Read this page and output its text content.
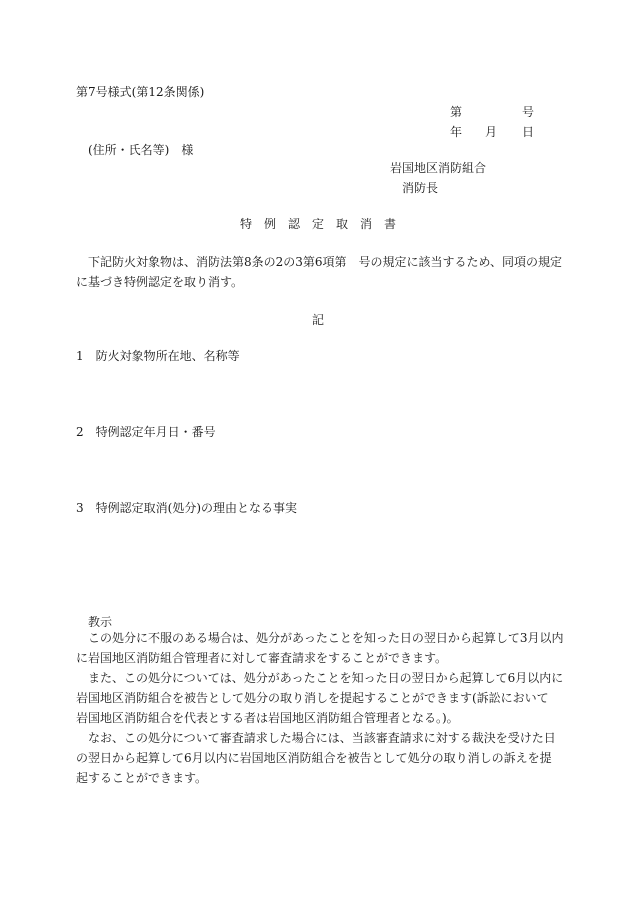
第7号様式(第12条関係)
第	号
年 月 日
(住所・氏名等)　様
岩国地区消防組合
消防長
特　例　認　定　取　消　書
下記防火対象物は、消防法第8条の2の3第6項第　号の規定に該当するため、同項の規定
に基づき特例認定を取り消す。
記
1　防火対象物所在地、名称等
2　特例認定年月日・番号
3　特例認定取消(処分)の理由となる事実
教示
この処分に不服のある場合は、処分があったことを知った日の翌日から起算して3月以内
に岩国地区消防組合管理者に対して審査請求をすることができます。
また、この処分については、処分があったことを知った日の翌日から起算して6月以内に
岩国地区消防組合を被告として処分の取り消しを提起することができます(訴訟において
岩国地区消防組合を代表とする者は岩国地区消防組合管理者となる。)。
なお、この処分について審査請求した場合には、当該審査請求に対する裁決を受けた日
の翌日から起算して6月以内に岩国地区消防組合を被告として処分の取り消しの訴えを提
起することができます。
